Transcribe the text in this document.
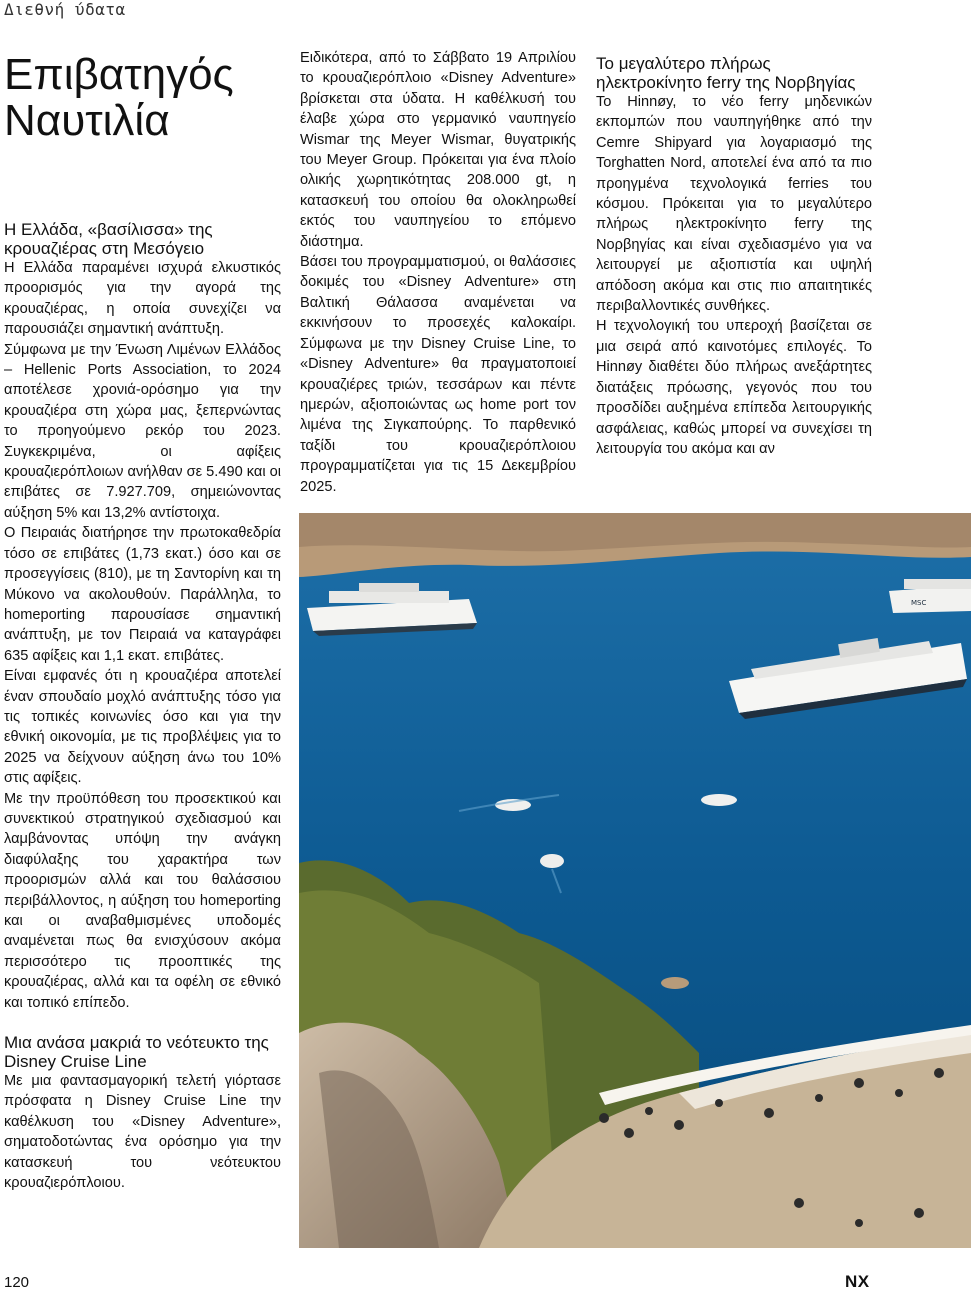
Διεθνή ύδατα
Επιβατηγός Ναυτιλία
Η Ελλάδα, «βασίλισσα» της κρουαζιέρας στη Μεσόγειο

Η Ελλάδα παραμένει ισχυρά ελκυστικός προορισμός για την αγορά της κρουαζιέρας, η οποία συνεχίζει να παρουσιάζει σημαντική ανάπτυξη.

Σύμφωνα με την Ένωση Λιμένων Ελλάδος – Hellenic Ports Association, το 2024 αποτέλεσε χρονιά-ορόσημο για την κρουαζιέρα στη χώρα μας, ξεπερνώντας το προηγούμενο ρεκόρ του 2023. Συγκεκριμένα, οι αφίξεις κρουαζιερόπλοιων ανήλθαν σε 5.490 και οι επιβάτες σε 7.927.709, σημειώνοντας αύξηση 5% και 13,2% αντίστοιχα.

Ο Πειραιάς διατήρησε την πρωτοκαθεδρία τόσο σε επιβάτες (1,73 εκατ.) όσο και σε προσεγγίσεις (810), με τη Σαντορίνη και τη Μύκονο να ακολουθούν. Παράλληλα, το homeporting παρουσίασε σημαντική ανάπτυξη, με τον Πειραιά να καταγράφει 635 αφίξεις και 1,1 εκατ. επιβάτες.

Είναι εμφανές ότι η κρουαζιέρα αποτελεί έναν σπουδαίο μοχλό ανάπτυξης τόσο για τις τοπικές κοινωνίες όσο και για την εθνική οικονομία, με τις προβλέψεις για το 2025 να δείχνουν αύξηση άνω του 10% στις αφίξεις.

Με την προϋπόθεση του προσεκτικού και συνεκτικού στρατηγικού σχεδιασμού και λαμβάνοντας υπόψη την ανάγκη διαφύλαξης του χαρακτήρα των προορισμών αλλά και του θαλάσσιου περιβάλλοντος, η αύξηση του homeporting και οι αναβαθμισμένες υποδομές αναμένεται πως θα ενισχύσουν ακόμα περισσότερο τις προοπτικές της κρουαζιέρας, αλλά και τα οφέλη σε εθνικό και τοπικό επίπεδο.

Μια ανάσα μακριά το νεότευκτο της Disney Cruise Line

Με μια φαντασμαγορική τελετή γιόρτασε πρόσφατα η Disney Cruise Line την καθέλκυση του «Disney Adventure», σηματοδοτώντας ένα ορόσημο για την κατασκευή του νεότευκτου κρουαζιερόπλοιου.

Ειδικότερα, από το Σάββατο 19 Απριλίου το κρουαζιερόπλοιο «Disney Adventure» βρίσκεται στα ύδατα. Η καθέλκυσή του έλαβε χώρα στο γερμανικό ναυπηγείο Wismar της Meyer Wismar, θυγατρικής του Meyer Group. Πρόκειται για ένα πλοίο ολικής χωρητικότητας 208.000 gt, η κατασκευή του οποίου θα ολοκληρωθεί εκτός του ναυπηγείου το επόμενο διάστημα.

Βάσει του προγραμματισμού, οι θαλάσσιες δοκιμές του «Disney Adventure» στη Βαλτική Θάλασσα αναμένεται να εκκινήσουν το προσεχές καλοκαίρι. Σύμφωνα με την Disney Cruise Line, το «Disney Adventure» θα πραγματοποιεί κρουαζιέρες τριών, τεσσάρων και πέντε ημερών, αξιοποιώντας ως home port τον λιμένα της Σιγκαπούρης. Το παρθενικό ταξίδι του κρουαζιερόπλοιου προγραμματίζεται για τις 15 Δεκεμβρίου 2025.

Το μεγαλύτερο πλήρως ηλεκτροκίνητο ferry της Νορβηγίας

Το Hinnøy, το νέο ferry μηδενικών εκπομπών που ναυπηγήθηκε από την Cemre Shipyard για λογαριασμό της Torghatten Nord, αποτελεί ένα από τα πιο προηγμένα τεχνολογικά ferries του κόσμου. Πρόκειται για το μεγαλύτερο πλήρως ηλεκτροκίνητο ferry της Νορβηγίας και είναι σχεδιασμένο για να λειτουργεί με αξιοπιστία και υψηλή απόδοση ακόμα και στις πιο απαιτητικές περιβαλλοντικές συνθήκες.

Η τεχνολογική του υπεροχή βασίζεται σε μια σειρά από καινοτόμες επιλογές. Το Hinnøy διαθέτει δύο πλήρως ανεξάρτητες διατάξεις πρόωσης, γεγονός που του προσδίδει αυξημένα επίπεδα λειτουργικής ασφάλειας, καθώς μπορεί να συνεχίσει τη λειτουργία του ακόμα και αν

MSC
120	NX
